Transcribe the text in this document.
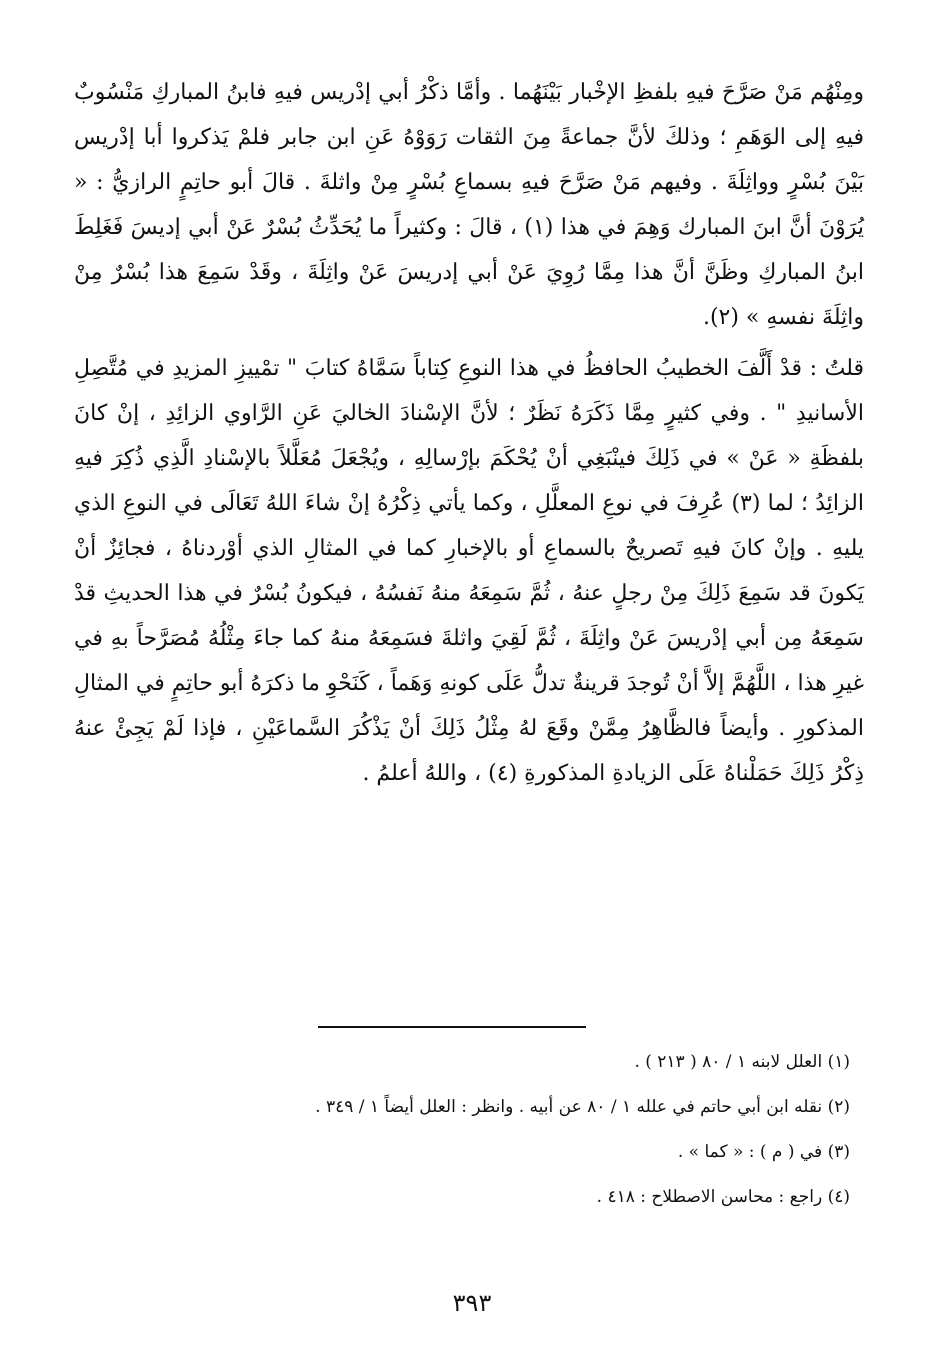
ومِنْهُم مَنْ صَرَّحَ فيهِ بلفظِ الإخْبار بَيْنَهُما . وأمَّا ذكْرُ أبي إدْريس فيهِ فابنُ المباركِ مَنْسُوبٌ فيهِ إلى الوَهَمِ ؛ وذلكَ لأنَّ جماعةً مِنَ الثقات رَوَوْهُ عَنِ ابن جابر فلمْ يَذكروا أبا إدْريس بَيْنَ بُسْرٍ وواثِلَةَ . وفيهم مَنْ صَرَّحَ فيهِ بسماعِ بُسْرٍ مِنْ واثلةَ . قالَ أبو حاتِمٍ الرازيُّ : « يُرَوْنَ أنَّ ابنَ المبارك وَهِمَ في هذا (١) ، قالَ : وكثيراً ما يُحَدِّثُ بُسْرٌ عَنْ أبي إديسَ فَغَلِطَ ابنُ المباركِ وظَنَّ أنَّ هذا مِمَّا رُوِيَ عَنْ أبي إدريسَ عَنْ واثِلَةَ ، وقَدْ سَمِعَ هذا بُسْرٌ مِنْ واثِلَةَ نفسهِ » (٢).

قلتُ : قدْ أَلَّفَ الخطيبُ الحافظُ في هذا النوعِ كِتاباً سَمَّاهُ كتابَ " تمْييزِ المزيدِ في مُتَّصِلِ الأسانيدِ " . وفي كثيرٍ مِمَّا ذَكَرَهُ نَظَرٌ ؛ لأنَّ الإسْنادَ الخاليَ عَنِ الرَّاوي الزائِدِ ، إنْ كانَ بلفظَةِ « عَنْ » في ذَلِكَ فينْبَغِي أنْ يُحْكَمَ بإرْسالِهِ ، ويُجْعَلَ مُعَلَّلاً بالإسْنادِ الَّذِي ذُكِرَ فيهِ الزائِدُ ؛ لما (٣) عُرِفَ في نوعِ المعلَّلِ ، وكما يأتي ذِكْرُهُ إنْ شاءَ اللهُ تَعَالَى في النوعِ الذي يليهِ . وإنْ كانَ فيهِ تَصريحٌ بالسماعِ أو بالإخبارِ كما في المثالِ الذي أوْردناهُ ، فجائِزٌ أنْ يَكونَ قد سَمِعَ ذَلِكَ مِنْ رجلٍ عنهُ ، ثُمَّ سَمِعَهُ منهُ نَفسُهُ ، فيكونُ بُسْرٌ في هذا الحديثِ قدْ سَمِعَهُ مِن أبي إدْريسَ عَنْ واثِلَةَ ، ثُمَّ لَقِيَ واثلةَ فسَمِعَهُ منهُ كما جاءَ مِثْلُهُ مُصَرَّحاً بهِ في غيرِ هذا ، اللَّهُمَّ إلاَّ أنْ تُوجدَ قرينةٌ تدلُّ عَلَى كونهِ وَهَماً ، كَنَحْوِ ما ذكرَهُ أبو حاتِمٍ في المثالِ المذكورِ . وأيضاً فالظَّاهِرُ مِمَّنْ وقَعَ لهُ مِثْلُ ذَلِكَ أنْ يَذْكُرَ السَّماعَيْنِ ، فإذا لَمْ يَجِئْ عنهُ ذِكْرُ ذَلِكَ حَمَلْناهُ عَلَى الزيادةِ المذكورةِ (٤) ، واللهُ أعلمُ .

(١) العلل لابنه ١ / ٨٠ ( ٢١٣ ) .

(٢) نقله ابن أبي حاتم في علله ١ / ٨٠ عن أبيه . وانظر : العلل أيضاً ١ / ٣٤٩ .

(٣) في ( م ) : « كما » .

(٤) راجع : محاسن الاصطلاح : ٤١٨ .

٣٩٣
